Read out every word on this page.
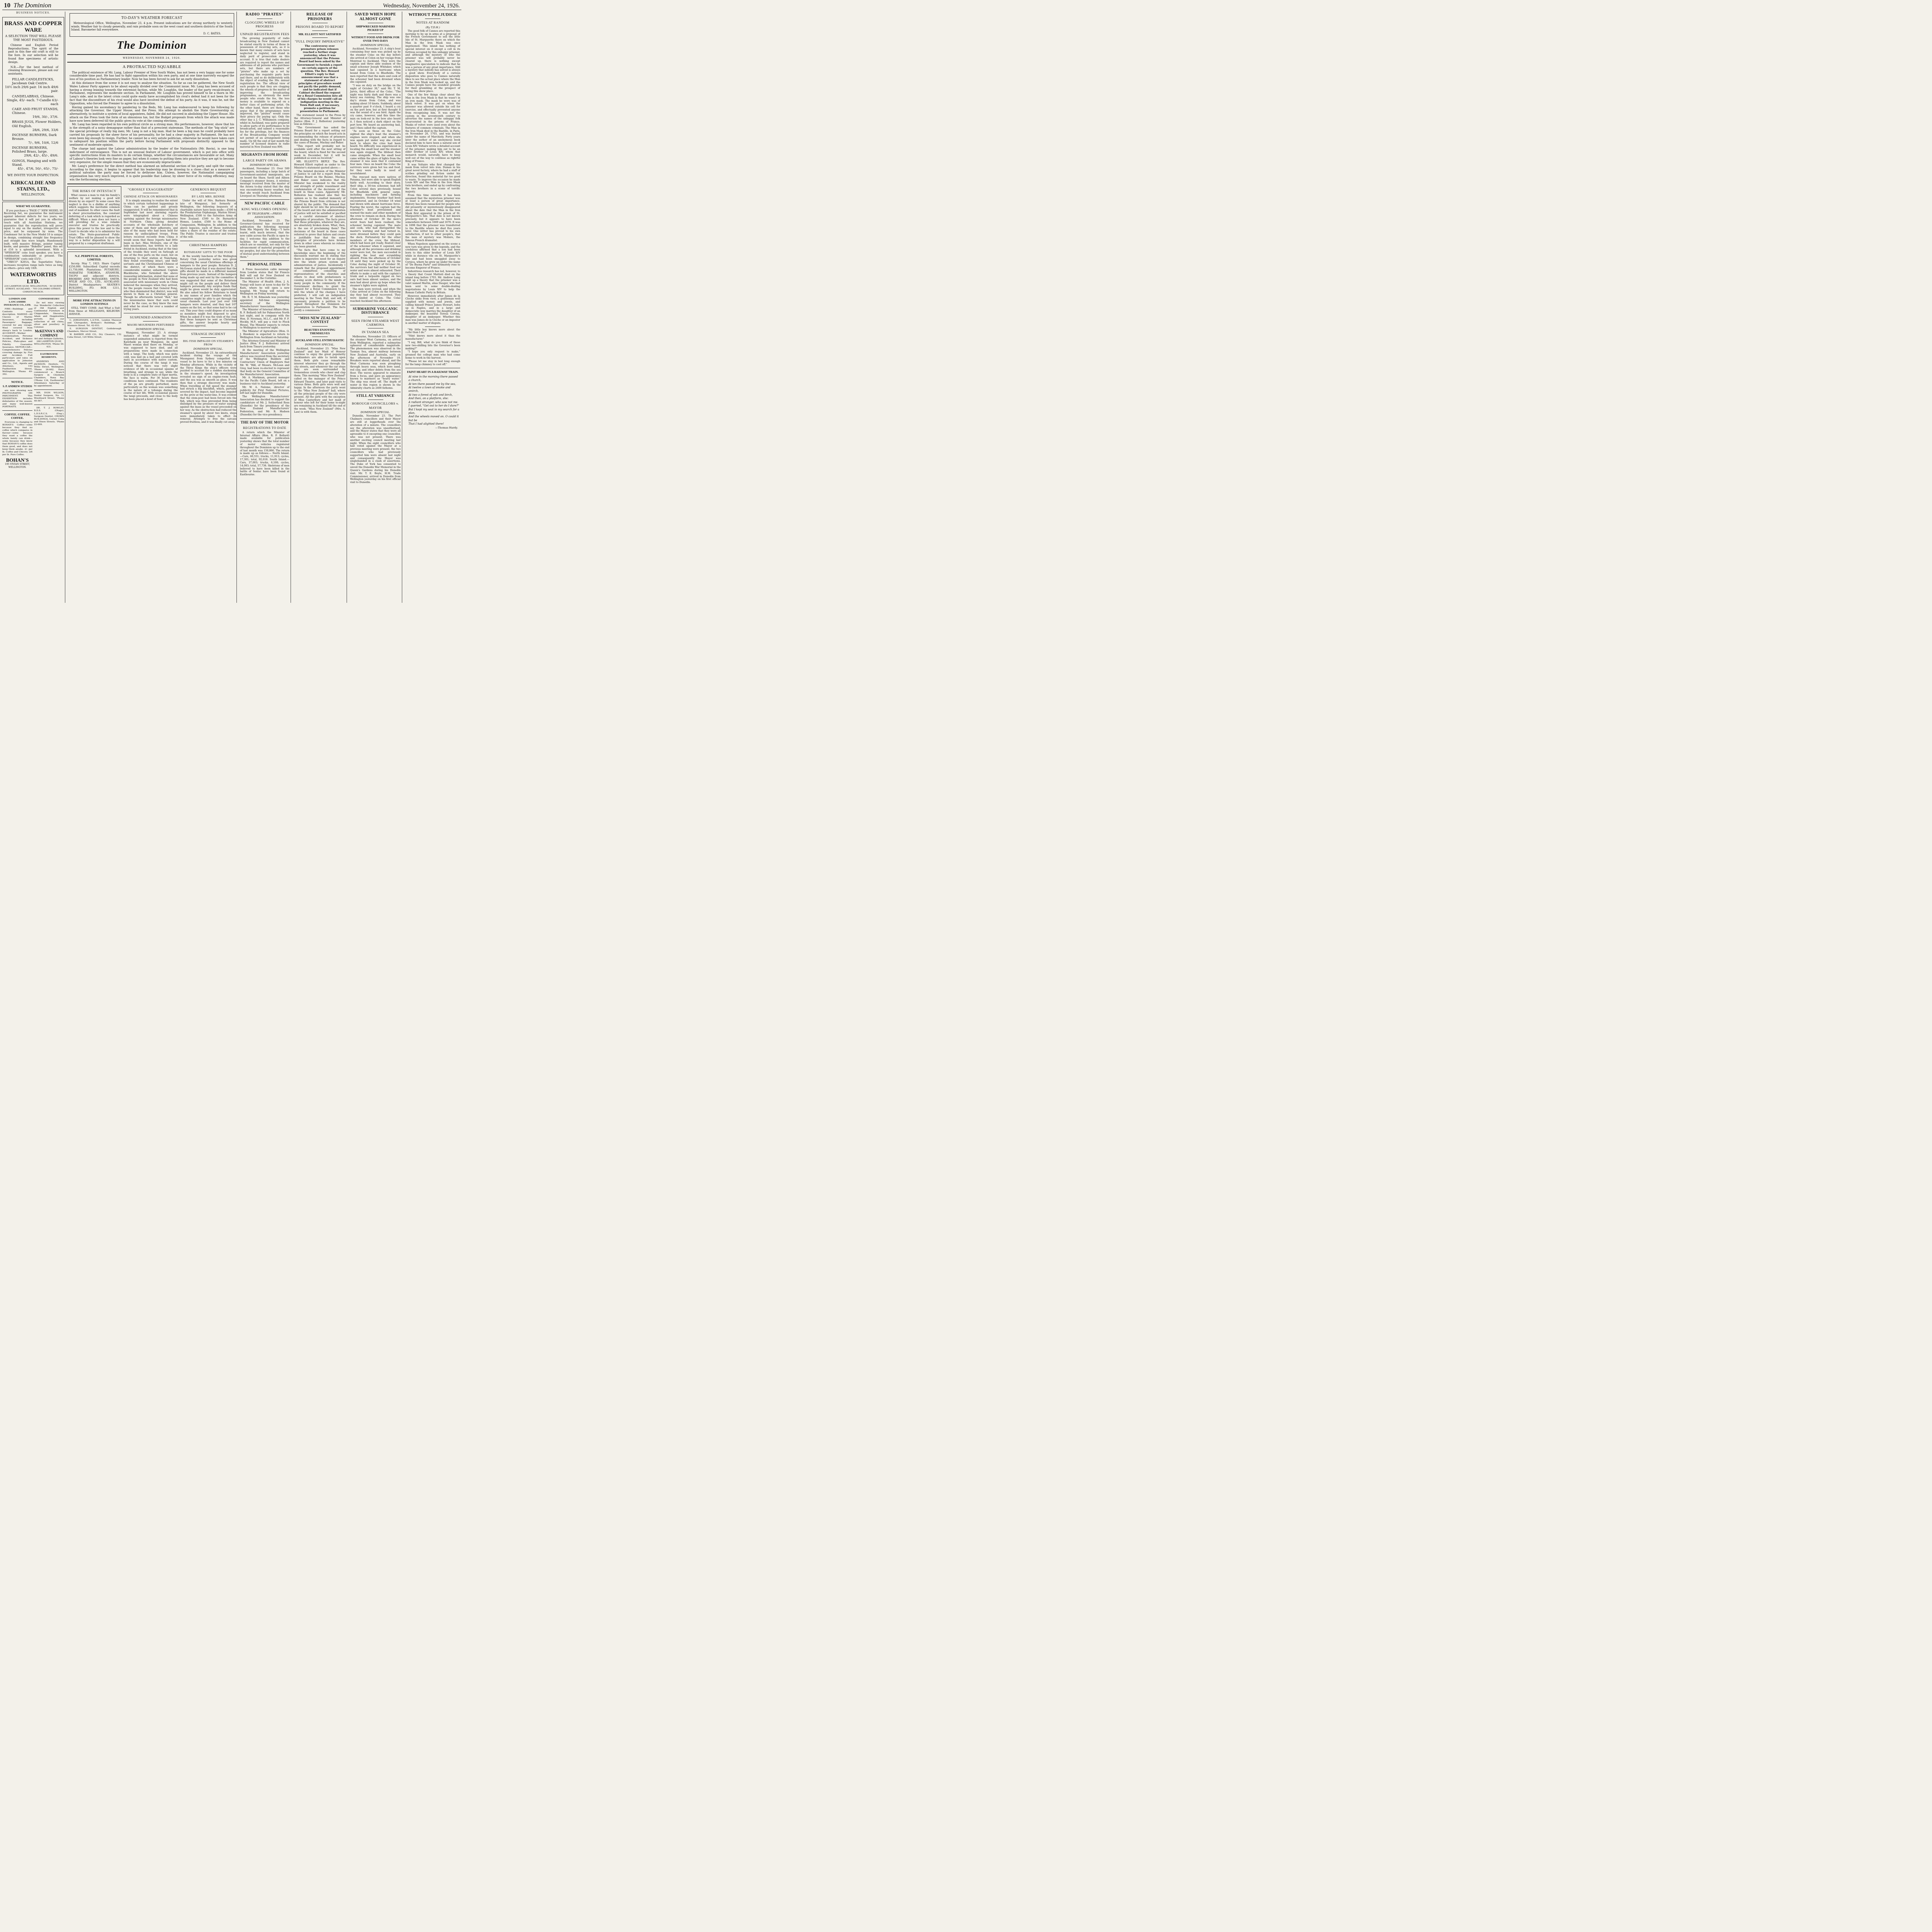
10 The Dominion	Wednesday, November 24, 1926.
BUSINESS NOTICES.
BRASS AND COPPER WARE
A SELECTION THAT WILL PLEASE THE MOST FASTIDIOUS.

Chinese and English Period Reproductions. The spirit of the past in this fine old craft is still to the fore. In our selection will be found fine specimens of artistic design.

N.B.—For the best method of cleaning Brassware, please ask our assistants.

PILLAR CANDLESTICKS, Jacobean Oak Centre.
10½ inch 29/6 pair. 16 inch 49/6 pair.
CANDELABRAS, Chinese.
Single, 45/- each. 7-Candle 63/- each
CAKE AND FRUIT STANDS, Chinese.
19/6, 30/-, 37/6.
BRASS JUGS, Flower Holders, Old English.
28/6, 29/6, 33/6
INCENSE BURNERS, Dark Bronze.
7/-, 9/6, 10/6, 12/6
INCENSE BURNERS, Polished Brass, large.
29/6, 42/-, 45/-, 49/6.
GONGS, Hanging and with Stand.
45/-, 47/6, 50/-, 65/-, 75/-
WE INVITE YOUR INSPECTION.
KIRKCALDIE AND STAINS, LTD.,
WELLINGTON.
WHAT WE GUARANTEE.

If you purchase a "PAGE C" NEW MODEL 10 Receiving Set, we guarantee the instrument against inherent defects for two years; we guarantee that it will put you in effective touch with all Australian Stations; we guarantee that the reproduction will prove equal to any on the market, irrespective of price, and be surpassed by none. The Condenser Set in the New Model 10 is unique in design, combining straight line frequency and straight line wave length. Handsomely built, with massive fittings, pointer tuning knobs, and genuine "Bakelite" panel, this set at £16 is a splendid investment. With a "SFERAVOX" cone loud speaker, you have a combination unbeatable at present. The "SFERAVOX" costs only £5/5/-.

"URECO" X201A, the Superlative Valve, increases reception range lasts twice as long as others—price only 10/6.

WATERWORTHS LTD.
216 LAMBTON QUAY, WELLINGTON. · 50 QUEEN STREET, AUCKLAND. · 705 COLOMBO STREET, CHRISTCHURCH.
LONDON AND LANCASHIRE INSURANCE CO., LTD.

FIRE—Buildings and Contents every description. MARINE—All Classes of Marine Insurance, including Passengers' Baggage, covered for any voyage. Wool covered from sheep's back to London. ACCIDENT—Worker Compensation, Personal Accident, and Sickness Policies, Plate-glass and Fidelity Guarantee Insurance. MOTOR-CAR—Comprehensive Policies covering damage by Fire and Accident. Full particulars and rates on application to Johnston and Co., Ltd., Agents and Attorneys, 103 Featherston Street, Wellington. 'Phone 40-302.

NOTICE.
S. P. ANDREW STUDIOS

are now showing new PHOTOGRAPHS ON PARCHMENT. This EXHIBITION includes debutantes of the season, and many well-known PORTRAITS.

COFFEE. COFFEE. COFFEE.

Everyone is changing to BOHAN'S Coffee—some because they find no coffee which compares in flavour—some because they want a coffee the whole family can drink—some because they know that BOHAN'S coffee does them good, and does not keep them awake. 2/- per lb. Coffee and Chicory. 3/6 per lb. Pure Coffee.

BOHAN'S
195 VIVIAN STREET, WELLINGTON.
CONNOISSEURS!

Do not miss viewing Our Wonderful Collection of Old English and Continental Furniture in Chippendale, Sheraton, Adam and Hepplewhite periods. Also our collection of old china, silver and jewellery in Colonial.

McKENNA'S AND COMPANY
Art and Antique Galleries, 246 LAMBTON QUAY, WELLINGTON. 'Phone 44-631.
EASTBOURNE RESIDENTS.

ANDREWS AND JACKSON, Dentists, 73 Willis Street, Wellington. 'Phone 26-662. Have commenced a Branch Surgery in Chisholm Chambers, Rona Bay ('Phone 134, Eastbourne) Attendance Saturday or by appointment.

MR. IVON WILSON, Dental Surgeon, No. 11 Woodward Street. 'Phone 40-567.

DR. T. J. ROWLEY, B.D.S. (Otago), L.D.S.R.C.S. (Eng.), Surgeon Dentist, CROWN BUILDINGS, Corner Cuba and Dixon Streets. 'Phone 22-699.

TO-DAY'S WEATHER FORECAST

Meteorological Office, Wellington, November 23, 4 p.m. Present indications are for strong northerly to westerly winds. Weather fair to cloudy generally, and rain probable soon on the west coast and southern districts of the South Island. Barometer fall everywhere.

D. C. BATES.
The Dominion
WEDNESDAY, NOVEMBER 24, 1926.
A PROTRACTED SQUABBLE

The political existence of Mr. Lang, Labour Premier of New South Wales, has not been a very happy one for some considerable time past. He has had to fight opposition within his own party, and at one time narrowly escaped the loss of his position as Parliamentary leader. Now he has been forced to ask for an early dissolution.

At this distance from the scene it is not easy to analyse the situation. So far as can be gathered, the New South Wales Labour Party appears to be about equally divided over the Communist issue. Mr. Lang has been accused of having a strong leaning towards the extremist faction, while Mr. Loughlin, the leader of the party recalcitrants in Parliament, represents the moderate section. In Parliament, Mr. Loughlin has proved himself to be a thorn in Mr. Lang's side, and in the latest crisis could quite easily have accomplished his rival's defeat had it not been for the fact that the discomfiture of his rival would also have involved the defeat of his party. As it was, it was he, not the Opposition, who forced the Premier to agree to a dissolution.

Having gained his ascendancy by pandering to the Reds, Mr. Lang has endeavoured to keep his following by attacking the Governor, the Upper House, and the Press. His attempt to abolish the State Governorship or, alternatively, to institute a system of local appointees, failed. He did not succeed in abolishing the Upper House. His attack on the Press took the form of an obnoxious tax, but the Budget proposals from which the attack was made have now been deferred till the public gives its vote at the coming elections.

Mr. Lang has been regarded in his own political circle as a strong man. His performances, however, show that his is the strength of a noisy demagogue rather than that of a prescient statesman. The methods of the "big stick" are the special privilege of really big men; Mr. Lang is not a big man. Had he been a big man he could probably have carried his proposals by the sheer force of his personality, for he had a clear majority in Parliament. He has not even been big enough to resign. Further, he cannot be a very astute politician, otherwise he would have taken care to safeguard his position within the party before facing Parliament with proposals distinctly opposed to the sentiment of moderate opinion.

The charge laid against the Labour administration by the leader of the Nationalists (Mr. Bavin), is one long indictment of extravagance. This is not an unusual feature of Labour government, which is put into office with specific instructions from its masters to do certain things, whether the circumstances are favourable or not. Many of Labour's theories look very fine on paper, but when it comes to putting them into practice they are apt to become very expensive, for the simple reason that they are economically impracticable.

Mr. Lang's preference for the direct method has alarmed an influential section of his party, and split the ranks. According to the signs, it begins to appear that his leadership may be drawing to a close—that as a measure of political salvation the party may be forced to dethrone him. Unless, however, the Nationalist campaigning organisation has very much improved, it is quite possible that Labour, by sheer force of its voting efficiency, may win the forthcoming election.

THE RISKS OF INTESTACY

What causes a man to risk his family's welfare by not making a good will drawn by an expert? In some cases this neglect is due to a dislike of anything which suggests the inevitable common end of mankind. In other cases the fault is sheer procrastination, the constant deferring of a task which is regarded as difficult. When a man does not leave a will providing for a wise reliable executor and trustee he practically gives this power to the law and to the Court to decide who is to administer his estate. The State-guaranteed Public Trust Office will be pleased to show the way to a better disposition by a will prepared by a competent draftsman.

N.Z. PERPETUAL FORESTS, LIMITED.

Incorp. May 7, 1923. Share Capital £250,000. Subscribed Capital exceeds £1,750,000. Plantations: PUTARURU, MARAETAI TOKOROA, ATIAMURI, TAUPO and adjacent districts. BROKERS AND MANAGERS: SMITH, WYLIE AND CO., LTD., AUCKLAND. District Headquarters: SEATER'S BUILDING, P.O. BOX 1211, WELLINGTON.

MORE FINE ATTRACTIONS IN LONDON SUITINGS

STILL THEY COME: And What a Suit from these at MILLIGANS, KELBURN AVENUE.

C. JORGENSEN, L.S.T.M., London Masseur and Chiropodist, Brittain's Buildings, 26 Manners Street. Tel. 42-053.

E. SURGEON DENTIST, Goldsbrough Chambers, Mercer Street.

W. BARBER AND CO., Dry Cleaners, 152 Cuba Street, 120 Willis Street.

"GROSSLY EXAGGERATED"
CHINESE ATTACK ON MISSIONARIES

It is simply amazing to realise the extent to which certain turbulent happenings in China can be garbled and grossly exaggerated. It will be remembered that in September last most alarming reports were telegraphed about a Chinese uprising against the foreign missionaries in Northern China giving detailed accounts of the wholesale butchery of some of them and their adherents, and also of the many who had been held for ransom by undisciplined troops. From letters received recently from China it would seem that these reports had little basis in fact. Miss McQuire, one of the lady missionaries, has written to a lady friend in Auckland, stating that at the time of the trouble they were on furlough at one of the free ports on the coast, but on returning to their station at Nanchang, they found everything intact, and their servants and the Christianised Chinese of the district, of which there were a considerable number, unharmed. Captain Blackburne, who furnished the above reassuring information, stated that none of the people in New Zealand who had been associated with missionary work in China believed the messages when they arrived, for the people reason that General Feng, who then dominated that district, was well known to them as a Christian general. Though he afterwards turned "Red," but the missionaries knew that such could never be the case, as they knew the man and what he stood for over a number of trying years.

SUSPENDED ANIMATION
MAORI MOURNERS PERTURBED
DOMINION SPECIAL.

Wanganui, November 23. A strange instance of what might be termed suspended animation is reported from the Kaiwhaiki pa near Wanganui. An aged Maori woman died there on Monday, or was supposed to have died, and all preparations were made in connection with a tangi. The body, which was quite cold, was laid on a bed and covered with mats in accordance with native custom. During the course of the tangi it was noticed that there was very slight evidence of life in occasional spasms of breathing, and strange to say, while the body is in a complete state of rigor mortis, the face is warm. For 36 hours these conditions have continued. The residents of the pa are greatly perturbed, more particularly as the woman was something in the nature of a tohunga during the course of her life. With occasional pauses the tangi proceeds, and close to the body has been placed a bowl of food.

GENEROUS BEQUEST
BY LATE MRS. BENNIE

Under the will of Mrs. Barbara Bennie, late of Wanganui, but formerly of Wellington, the following bequests of a charitable nature have been made:—£500 to the Presbyterian Orphanage, Marion Street, Wellington. £500 to the Salvation Army of New Zealand. £500 to Dr. Barnardo's Homes, London. £500 to the Home of Compassion, Wellington. In addition to the above legacies, each of these institutions takes a share of the residue of the estate. The Public Trustee is executor and trustee of the will.

CHRISTMAS HAMPERS
ROTARIANS' GIFTS TO THE POOR

At the weekly luncheon of the Wellington Rotary Club yesterday notice was given concerning the usual Christmas offerings of hampers to the poor people. Rotarian D. J. McGowan stated that it was desired that the gifts should be made in a different manner from previous years. Instead of the hampers being made up and sent by the committee it was suggested that some of the Rotarians might call on the people and deliver their hampers personally. Any surplus funds that might be given would be duly appreciated. He also asked his fellow Rotarians to hand in any names of poor families which the committee might be able to get through the usual channels. Last year just over 100 hampers were donated, and they had 107 names on the list, so that some had to be cut out. This year they could dispose of as many as members might feel disposed to give. When he asked if it was the wish of the club that these hampers be sent as Christmas gifts, the answer bespoke hearty and unanimous approval.

STRANGE INCIDENT
BIG FISH IMPALED ON STEAMER'S PROW
DOMINION SPECIAL.

Auckland, November 23. An extraordinary incident during the voyage of the Maunganui from Sydney compelled the vessel to be hove to for a few minutes on Monday afternoon. While in the vicinity of the Three Kings the ship's officers were puzzled to account for a sudden slackening in the steamer's speed. An investigation revealed no sign of an engine-room fault, and the sea was as smooth as glass. It was then that a strange discovery was made. When travelling at full speed the steamer had struck a big blackfish, which, partially severed by the impact, had become impaled on the prow at the water-line. It was evident that the stem-post had been forced into the fish, which was thus prevented from being dislodged by the pressure of water surging against the mass as the vessel proceeded on her way. As the obstruction had reduced the steamer's speed by about two knots, steps were immediately taken to effect its removal. Attempts to free the carcass proved fruitless, and it was finally cut away.

RADIO "PIRATES"
CLOGGING WHEELS OF PROGRESS
UNPAID REGISTRATION FEES

The growing popularity of radio broadcasting in New Zealand cannot be stated exactly in terms of those in possession of receiving sets, as it is known that many owners of sets have neglected to register, and stand in daily peril of prosecution on this account. It is true that radio dealers are required to report the names and addresses of all persons who purchase sets, but there are numbers of "pirates" who make up a set by purchasing the requisite parts here and there, and so do deliberately with the object of evading the 30s. annual registration fee. The official view of such people is that they are clogging the wheels of progress in the matter of improving the broadcasting programmes, as obviously the more people who evade the fee, the less money is available to expend on a better class of performing artist. On the other hand, there are those who argue that if the programmes were improved, the "pirates" would cease their piracy (by paying up). Only the other day a J. C. Williamson company, whilst in Auckland, was quite prepared to allow parts of its performance to be broadcasted, and named a reasonable fee for the privilege, but the finances of the Broadcasting Company would not permit of an arrangement being made. Up till the end of last month the number of licensed dealers in radio material in New Zealand was 806.

MIGRANTS FROM HOME
LARGE PARTY ON ARAWA
DOMINION SPECIAL.

Auckland, November 23. Over 500 passengers, including a large batch of Government-assisted immigrants, are on board the Shaw, Savill and Albion Company's steamer Arawa. A wireless message received from the master of the Arawa to-day stated that the ship was encountering heavy weather, but that she would reach Auckland from Liverpool on Thursday afternoon.

NEW PACIFIC CABLE
KING WELCOMES OPENING
BY TELEGRAPH.—PRESS ASSOCIATION.

Auckland, November 23. The Governor-General has received for publication the following message from His Majesty the King:—"I have learnt, with much interest, that the new cable across the Pacific is open to-day. I welcome this addition to the facilities for rapid communication, which are so essential, not only for the advancement of material prosperity of my peoples, but also for the promotion of mutual good understanding between them."

PERSONAL ITEMS

A Press Association cable message from London states that Sir Francis Bell will sail for New Zealand on December 3, in the Corinthic.

The Minister of Health (Hon. J. A. Young) will leave at noon to-day for Te Kuiti, where he will open a new hospital. Mr. Young will return to Wellington on Friday morning.

Mr. R. T. M. Edmonds was yesterday appointed full-time organising secretary of the Wellington Manufacturers' Association.

The Minister of Internal Affairs (Hon. R. F. Bollard) left for Palmerston North last night, and in company with the Hon. D. Newman, M.L.C., and Mr. F. F. Hockly, M.P., will pay a visit to Flock House. The Minister expects to return to Wellington to-morrow night.

The Minister of Agriculture (Hon. O. J. Hawken) is expected to return to Wellington from Auckland on Saturday.

The Attorney-General and Minister of Justice (Hon. F. J. Rolleston) arrived back from Timaru yesterday.

At the meeting of the Wellington Manufacturers' Association yesterday advice was received from the secretary of the Wellington Builders and Contractors' Union of Employers that Mr. W. "Hill, of Messrs. McLean and Gray, had been re-elected to represent that body on the General Committee of the Manufacturers' Association.

Mr. A. Markman, general manager for the Pacific Cable Board, left on a business visit to Auckland yesterday.

Mr. W. A. Nalome, director of publicity for First National Pictures, left last night for Dunedin.

The Wellington Manufacturers' Association has decided to support the candidature of Mr. J. Sutherland Ross (Dunedin) for the presidency of the New Zealand Manufacturers' Federation, and Mr. R. Hudson (Dunedin) for the vice-presidency.

THE DAY OF THE MOTOR
REGISTRATIONS TO DATE

A return which the Minister of Internal Affairs (Hon. R. F. Bollard) made available for publication yesterday shows that the total number of motor vehicles registered throughout the Dominion up to the end of last month was 150,866. The return is made up as follows:— North Island.—Cars, 60,551; trucks, 11,913; cycles, 17,301; total, 92,618. South Island.—Cars, 37,003; trucks, 6,100; cycles, 14,083; total, 57,738. Skeletons of men believed to have been killed in the battle of Senlac have been found at Eastbourne.

RELEASE OF PRISONERS
PRISONS BOARD TO REPORT
MR. ELLIOTT NOT SATISFIED
"FULL INQUIRY IMPERATIVE"
The controversy over premature prison releases reached a further stage yesterday, when it was announced that the Prisons Board had been asked by the Government to furnish a report on certain aspects of the question. The Rev. Howard Elliott's reply to that announcement was that a statement of abstract principles of procedure would not pacify the public demand, and he indicated that if Cabinet declined the request for a Royal Commission into all of his charges he would call an indignation meeting in the Town Hall and, if necessary, promote a petition for presentation to Parliament.

The statement issued to the Press by the Attorney-General and Minister of Justice (Hon. F. J. Rolleston) yesterday was as follows:—

"The Government has asked the Prisons Board for a report setting out the principles on which the board acts in recommending the release of prisoners and dealing with the facts in regard to the cases of Baume, Mackay and Baker.

"This report will probably not be available until after the next sitting of the board, which is fixed for the second week in December, but it will be published as soon as received."

MR. ELLIOTT'S REPLY. The Rev. Howard Elliott replied as under to the Minister's statement quoted above:—

"The belated decision of the Minister of Justice to call for a report from the Prisons Board on the Baume, Mackay, and Baker cases indicates that the Minister has awakened to the reality and strength of public resentment and condemnation of the decisions of the board in these cases. Apparently Mr. Rolleston has realised also that his opinion as to the exalted immunity of the Prisons Board from criticism is not shared by the public. The demand that light should be let into the proceedings of the board and into the administration of justice will not be satisfied or pacified by a careful statement of abstract principles of procedure. The facts prove that these principles, whatever they are, are absolutely broken down. What, then, is the use of proclaiming them? The decisions of the board in these cases referred to prove that failure and create a justifiable fear that the same principles of procedure have broken down in other cases wherein no release has been granted.

"The facts that have come to my knowledge since the beginning of the discussion warrant me in stating that there is imperative need for an inquiry into the whole prison system and administration of justice. Incidentally I remark that the proposed appointment of committees consisting of representatives of the churches and others to deal with probationers is causing acute distress to the minds of many people in the community. If the Government declines to grant the request for a Royal Commission to go into the whole of the charges I have preferred, I will call an indignation meeting in the Town Hall, and will, if necessary, promote a petition to be signed throughout the Dominion for presentation to Parliament. The facts justify a commission."

"MISS NEW ZEALAND" CONTEST
BEAUTIES ENJOYING THEMSELVES
AUCKLAND STILL ENTHUSIASTIC
DOMINION SPECIAL.

Auckland, November 23. "Miss New Zealand" and her Maid of Honour continue to enjoy the great popularity Aucklanders are able to lavish upon them. Both girls cause remarkable interest wherever they go through the city streets, and whenever the car stops they are soon surrounded by tremendous crowds who cheer and clap them. This morning "Miss New Zealand" called on the manager of the Prince Edward Theatre, and later paid visits to various firms. Both girls were well and happy. In the afternoon the party went to the "Miss New Zealand" ball, where all the principal people of the city were present. All the girls with the exception of Miss Canterbury and her maid of honour who left for their home to-night are remaining in Auckland till the end of the week. "Miss New Zealand" (Mrs. A. Law) is with them.

SAVED WHEN HOPE ALMOST GONE
SHIPWRECKED MARINERS PICKED UP
WITHOUT FOOD AND DRINK FOR OVER TWO DAYS
DOMINION SPECIAL.

Auckland, November 23. A ship's boat containing four men was picked up by the steamer Colac on the day before she arrived at Colon on her voyage from Montreal to Auckland. They were the captain and three able seamen of the small schooner Joseph Whitaker, which had capsized in a hurricane when bound from Colon to Bluefields. The men reported that the mate and cook of the schooner had been drowned when she capsized.

"I was on duty on the bridge on the night of October 30," said Mr. T. M. Jarvis, third officer of the Colac. "The night was fairly dark and there was a heavy sea running. The ship was one day's steam from Colon, and was making about 10 knots. Suddenly, about a quarter past 9 o'clock, I heard a cry on the port bow, but at first thought it was the sound of a sea bird. Again the cry came, however, and this time the man on look-out in the bow also heard it. I then noticed a dark object on the port bow. We heard an answering hail, and I then called the captain.

"As soon as those on the Colac sighted the ship's boat the steamer's engines were stopped, and when she was again put under way she circled back to where the cries had been heard. No difficulty was experienced in locating the small boat and the steamer was again stopped. The lifeboat then came alongside. When the small boat came within the glare of lights from the steamer it was seen that it contained four men. Once on board the Colac the survivors were given hot tea and food, for they were badly in need of nourishment.

The rescued men were natives of Panama, but were able to speak English fairly well. According to their story, their ship, a 50-ton schooner, had left Colon several days previously, bound for Bluefields with general cargo, including machinery and farming implements. Stormy weather had been encountered, and on October 18 wind had blown with almost hurricane force. Fearing the worst, the captain had the schooner's boat provisioned and warned the mate and other members of the crew to remain on deck. During the afternoon of October 30 the men's worst fears had been realised, the schooner having capsized. The mate and cook, who had disregarded the master's warning and had turned in, were drowned before they could gain the deck. Fortunately for the other members of the crew, the lifeboat, which had been got ready, floated clear of the schooner when it capsized, and although all the provisions and drinking water were lost, the men succeeded in righting the boat and scrambling aboard. From the afternoon of October 18 until they were picked up by the Colac during the night of October 30, the survivors had had neither food nor water and were almost exhausted. Their efforts to make a sail with the captain's trunk and a tarpaulin rigged on two oars had been almost useless, and the men had about given up hope when the steamer's lights were sighted.

The men were revived, and when the Colac arrived at Colon on the following day they had almost recovered. They were landed at Colon. The Colac reached Auckland this afternoon.

SUBMARINE VOLCANIC DISTURBANCE
SEEN FROM STEAMER WEST CARMONA
IN TASMAN SEA

Melbourne, November 23. Officers of the steamer West Carmona, on arrival from Wellington, reported a submarine upheaval of considerable magnitude. The phenomenon was observed in the Tasman Sea, almost midway between New Zealand and Australia, early on the afternoon of November 19. Breakers were reported ahead, and the West Carmona was soon ploughing through heavy seas, which bore sand, red clay, and other debris from the sea floor. The waves appeared to emanate from a focus, and gave an appearance known to mariners as "heavy water." The ship was stood off. The depth of water in this region is shown in the Admiralty charts as 2400 fathoms.

STILL AT VARIANCE
BOROUGH COUNCILLORS v. MAYOR
DOMINION SPECIAL.

Dunedin, November 23. The Port Chalmers councillors and their Mayor are still at loggerheads over the alteration of a minute. The councillors say the alteration was unauthorised, and the Mayor states that they were all agreeable to it excepting one councillor, who was not present. There was another exciting council meeting last night. When the eight councillors who had voted against the Mayor at a previous meeting were present, the two councillors who had previously supported him were absent last night and consequently the Mayor was singlehanded in a clash of assertions. The Duke of York has consented to unveil the Dunedin War Memorial in the Queen's Gardens during his Dunedin visit. Mr. T. E. Boyle, H.M. Trade Commissioner, arrived in Dunedin from Wellington yesterday on his first official visit to Dunedin.

WITHOUT PREJUDICE
NOTES AT RANDOM
(By T.D.H.)

The good folk of Cannes are reported this morning to be up in arms at a proposal of the French Government to sell the little Isle of St. Marguerite there on which the Man in the Iron Mask was once imprisoned. This island has nothing of special interest on it except a cell in its fortress occupied by this unhappy prisoner, and although the mystery of who the prisoner was will probably never be cleared up, there is nothing except imaginative speculation to indicate that he was a person of any great importance. Still a mystery that nobody has solved is always a good show. Everybody of a curious disposition who goes to Cannes naturally likes to see the actual place where the Man in the Iron Mask was locked up, and the Cannes people have the soundest grounds for their grumbling at the prospect of losing this show place.

One of the few things clear about the Man in the Iron Mask is that he wasn't in an iron mask. The mask he wore was of black velvet. It was put on when the prisoner was allowed outside his cell for exercise, and effectually prevented anyone from recognising him. It was not the custom in the seventeenth century to advertise the names of the unhappy folk incarcerated in the prisons of France. Masks of velvet were used even about the features of common criminals. The Man in the Iron Mask died in the Bastille, in Paris, on November 20, 1703, and was buried under the name of Marchioly. Forty years later the author of an anonymous book declared him to have been a natural son of Louis XIV. Voltaire wrote a detailed account of the prisoner, making him out to be an elder brother of Louis XIV, whom that monarch would, naturally, have to keep well out of the way to continue as rightful King of France.

It was Voltaire who first changed the mask from velvet into iron. Dumas in his great novel factory, where he had a staff of scribes grinding out fiction under his direction, found this material far too good to waste. To improve the occasion he made Louis XIV and the Man in the Iron Mask twin brothers, and ended up by confronting the two brothers in a scene of terrific majesty.

From this time onwards it has been assumed that the mysterious prisoner was at least a person of great importance. History has been ransacked for people who did presently or mysteriously disappeared about the date that the Man in the Iron Mask first appeared in the prison of St. Marguerite's Isle. That date is not known precisely, but it appears to have been somewhere between 1669 and 1670. It was in 1698 that the prisoner was transferred to the Bastille where he died five years later. One writer has proved to his own satisfaction, if not to other people's, that the man of mystery was Moliere, the famous French dramatist.

When Napoleon appeared on the scene a new turn was given to the legends, and the credulous affirmed that a son had been born to this elder brother of Louis XIV while in durance vile on St. Marguerite's Isle and had been smuggled away to Corsica, where he grew up under the name of "De Buona Parte" and ultimately rose to become Emperor of France.

Industrious research has led, however, to a theory that Count Mattioli died on the island long before 1703. Mr. Andrew Lang built up a theory that the prisoner was a valet named Martin, alias Dauger, who had been sent to some double-dealing negotiations by Louis XIV to help the Roman Catholic Party in Britain.

However, immediately after James de la Cloche sinks from view, a gentleman well supplied with money and jewels, and calling himself Prince James Stewart, bobs up in Naples, and in a large and democratic way marries the daughter of an innkeeper, the beautiful Teresa Corona, daughter of an innkeeper. Whether this man was James de la Cloche or an impostor is another matter of dispute.

"My little boy knows more about the radio than I do."

"Stint knows more about it than the manufacturer."

"I say, Bill, what do you think of these new two-shilling bits the Governor's been making?"

"I hope you only request to make," groaned the college man who had come home to work in the harvest.

"Please let me stay in bed long enough for the lamp chimney to cool off."

FAINT HEART IN A RAILWAY TRAIN.
At nine in the morning there passed a church,
At ten there passed me by the sea,
At twelve a town of smoke and smirch,
At two a forest of oak and birch,
And then, on a platform, she:
A radiant stranger, who saw not me.
I queried, "Get out to her do I dare?"
But I kept my seat in my search for a plan,
And the wheels moved on. O could it but be
That I had alighted there!
—Thomas Hardy.
